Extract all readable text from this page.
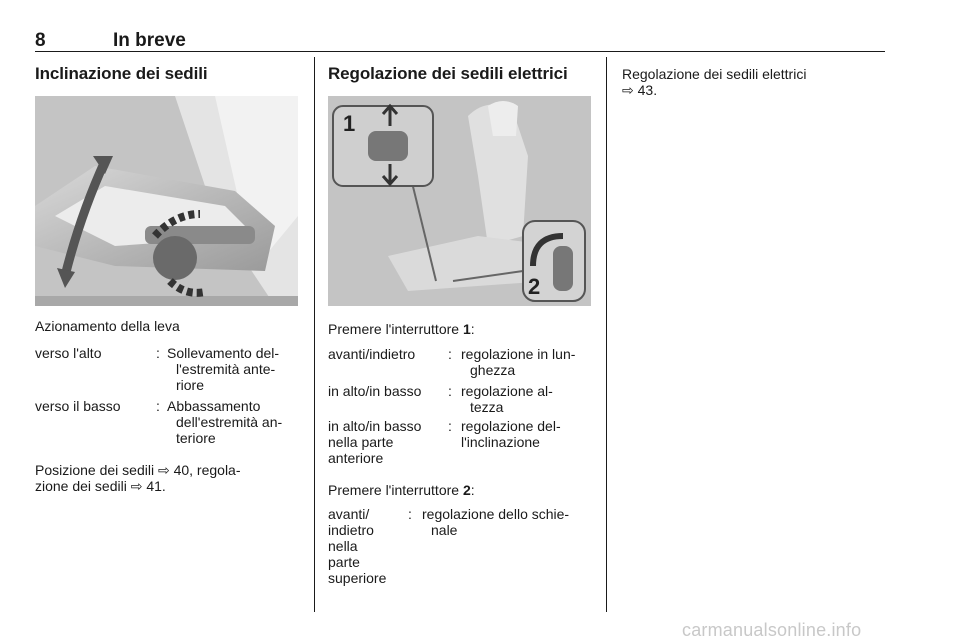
8	In breve
Inclinazione dei sedili
Azionamento della leva
verso l'alto	: Sollevamento del-
l'estremità ante-
riore
verso il basso	: Abbassamento
dell'estremità an-
teriore
Posizione dei sedili ⇨ 40, regola-
zione dei sedili ⇨ 41.
Regolazione dei sedili elettrici
1
2
Premere l'interruttore 1:
avanti/indietro : regolazione in lun-
ghezza
in alto/in basso : regolazione al-
tezza
in alto/in basso
nella parte
anteriore
: regolazione del-
l'inclinazione
Premere l'interruttore 2:
avanti/
indietro
nella
parte
superiore
: regolazione dello schie-
nale
Regolazione dei sedili elettrici
⇨ 43.
carmanualsonline.info
